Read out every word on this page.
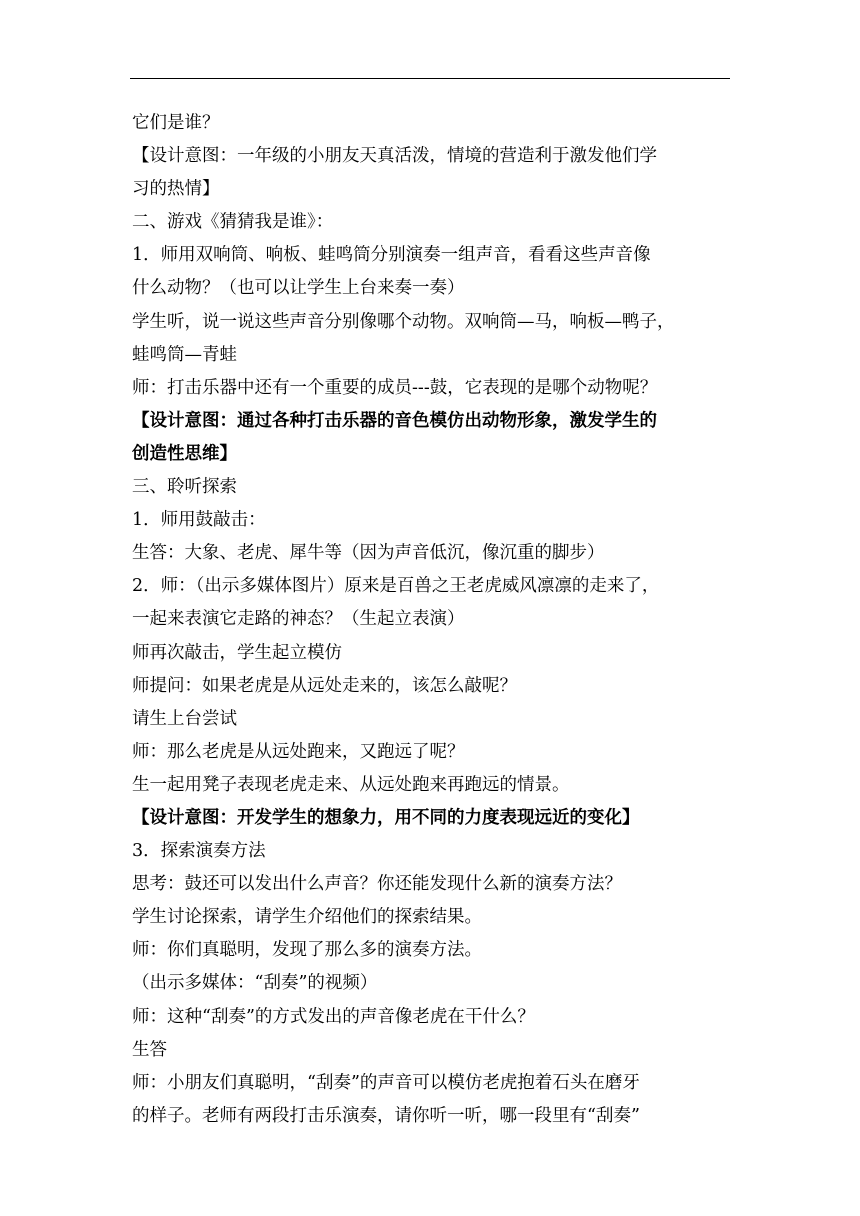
它们是谁？
【设计意图：一年级的小朋友天真活泼，情境的营造利于激发他们学
习的热情】
二、游戏《猜猜我是谁》：
1．师用双响筒、响板、蛙鸣筒分别演奏一组声音，看看这些声音像
什么动物？（也可以让学生上台来奏一奏）
学生听，说一说这些声音分别像哪个动物。双响筒—马，响板—鸭子，
蛙鸣筒—青蛙
师：打击乐器中还有一个重要的成员---鼓，它表现的是哪个动物呢？
【设计意图：通过各种打击乐器的音色模仿出动物形象，激发学生的
创造性思维】
三、聆听探索
1．师用鼓敲击：
生答：大象、老虎、犀牛等（因为声音低沉，像沉重的脚步）
2．师：（出示多媒体图片）原来是百兽之王老虎威风凛凛的走来了，
一起来表演它走路的神态？（生起立表演）
师再次敲击，学生起立模仿
师提问：如果老虎是从远处走来的，该怎么敲呢？
请生上台尝试
师：那么老虎是从远处跑来，又跑远了呢？
生一起用凳子表现老虎走来、从远处跑来再跑远的情景。
【设计意图：开发学生的想象力，用不同的力度表现远近的变化】
3．探索演奏方法
思考：鼓还可以发出什么声音？你还能发现什么新的演奏方法？
学生讨论探索，请学生介绍他们的探索结果。
师：你们真聪明，发现了那么多的演奏方法。
（出示多媒体：“刮奏”的视频）
师：这种“刮奏”的方式发出的声音像老虎在干什么？
生答
师：小朋友们真聪明，“刮奏”的声音可以模仿老虎抱着石头在磨牙
的样子。老师有两段打击乐演奏，请你听一听，哪一段里有“刮奏”
